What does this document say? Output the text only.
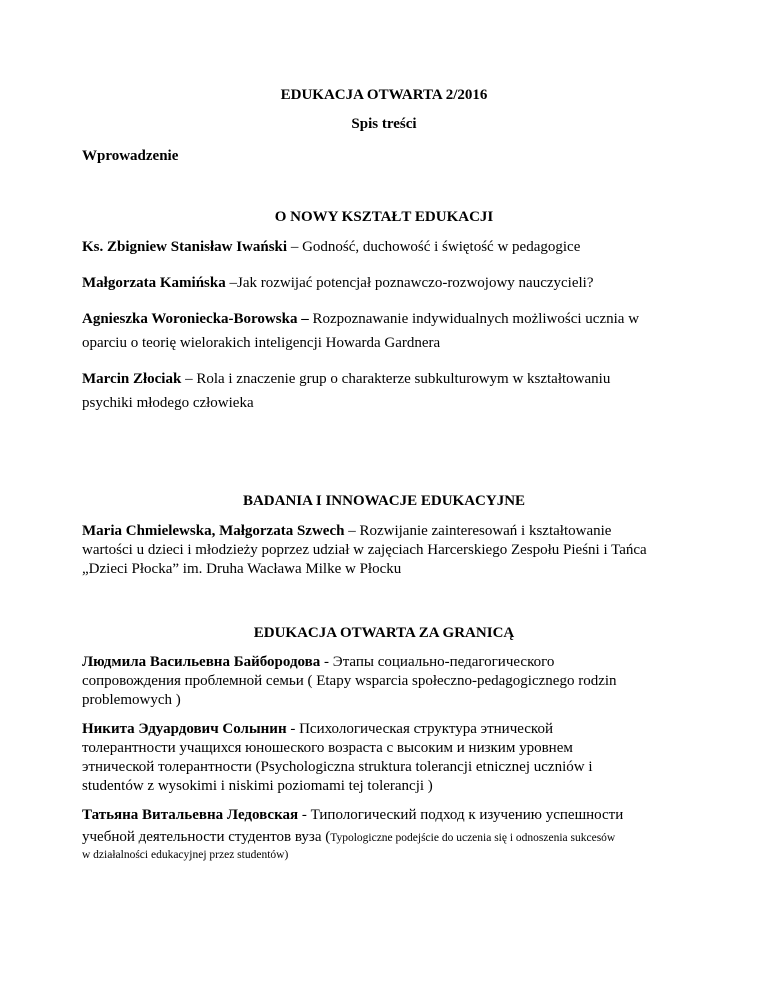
EDUKACJA OTWARTA 2/2016
Spis treści
Wprowadzenie
O NOWY KSZTAŁT EDUKACJI
Ks. Zbigniew Stanisław Iwański – Godność, duchowość i świętość w pedagogice
Małgorzata Kamińska –Jak rozwijać potencjał poznawczo-rozwojowy nauczycieli?
Agnieszka Woroniecka-Borowska – Rozpoznawanie indywidualnych możliwości ucznia w
oparciu o teorię wielorakich inteligencji Howarda Gardnera
Marcin Złociak – Rola i znaczenie grup o charakterze subkulturowym w kształtowaniu
psychiki młodego człowieka
BADANIA I INNOWACJE EDUKACYJNE
Maria Chmielewska, Małgorzata Szwech – Rozwijanie zainteresowań i kształtowanie
wartości u dzieci i młodzieży poprzez udział w zajęciach Harcerskiego Zespołu Pieśni i Tańca
„Dzieci Płocka” im. Druha Wacława Milke w Płocku
EDUKACJA OTWARTA ZA GRANICĄ
Людмила Васильевна Байбородова - Этапы социально-педагогического
сопровождения проблемной семьи ( Etapy wsparcia społeczno-pedagogicznego rodzin
problemowych )
Никита Эдуардович Солынин - Психологическая структура этнической
толерантности учащихся юношеского возраста с высоким и низким уровнем
этнической толерантности (Psychologiczna struktura tolerancji etnicznej uczniów i
studentów z wysokimi i niskimi poziomami tej tolerancji )
Татьяна Витальевна Ледовская - Типологический подход к изучению успешности
учебной деятельности студентов вуза (Typologiczne podejście do uczenia się i odnoszenia sukcesów
w działalności edukacyjnej przez studentów)
